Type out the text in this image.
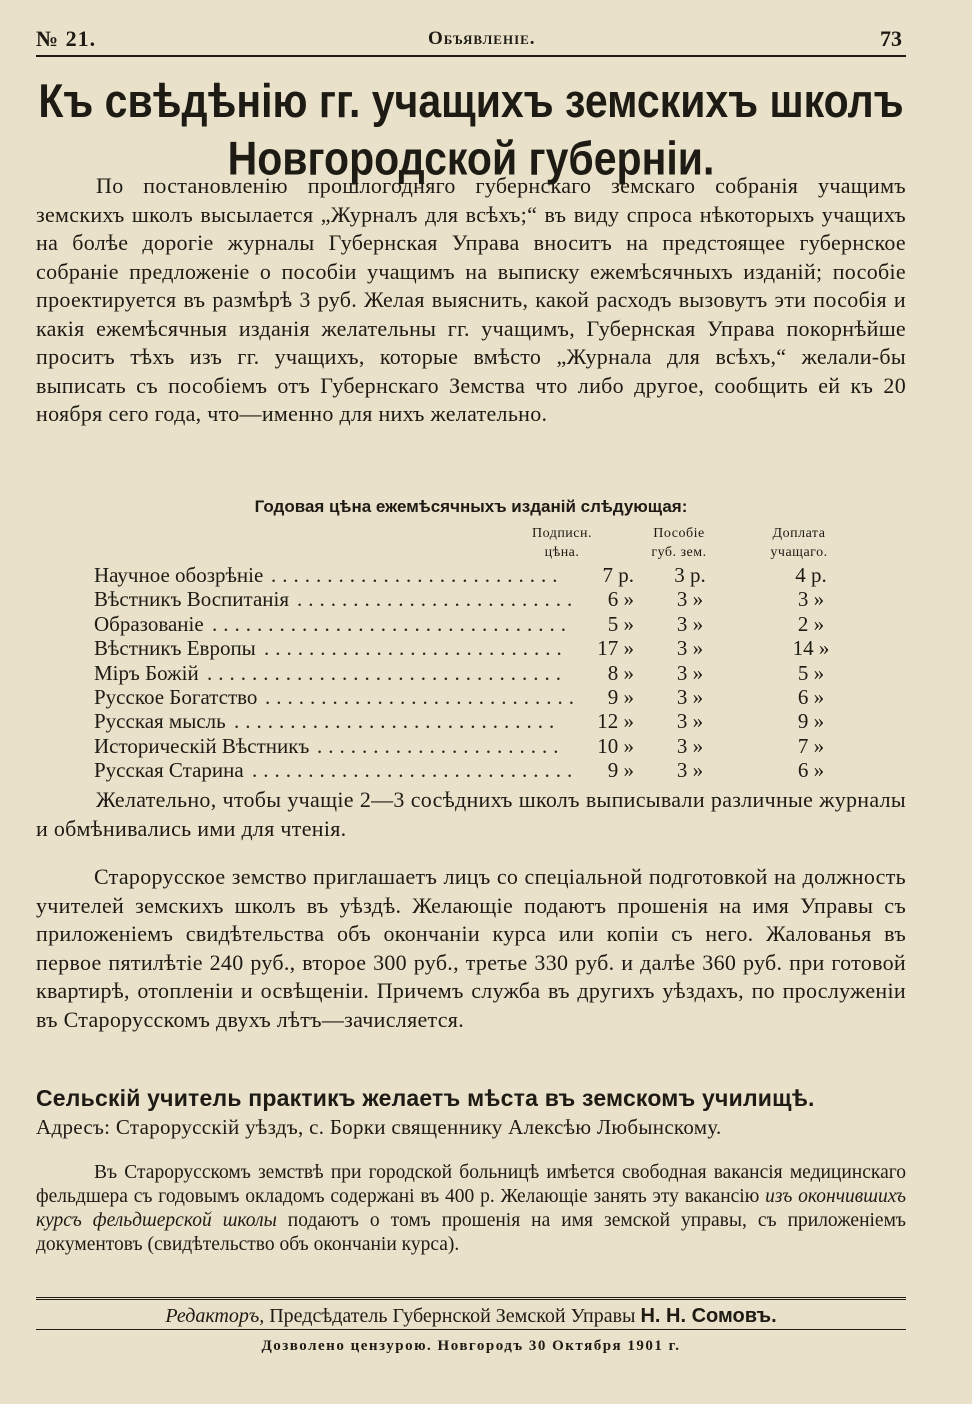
№ 21.	Объявленіе.	73
Къ свѣдѣнію гг. учащихъ земскихъ школъ Новгородской губерніи.
По постановленію прошлогодняго губернскаго земскаго собранія учащимъ земскихъ школъ высылается „Журналъ для всѣхъ;“ въ виду спроса нѣкоторыхъ учащихъ на болѣе дорогіе журналы Губернская Управа вноситъ на предстоящее губернское собраніе предложеніе о пособіи учащимъ на выписку ежемѣсячныхъ изданій; пособіе проектируется въ размѣрѣ 3 руб. Желая выяснить, какой расходъ вызовутъ эти пособія и какія ежемѣсячныя изданія желательны гг. учащимъ, Губернская Управа покорнѣйше проситъ тѣхъ изъ гг. учащихъ, которые вмѣсто „Журнала для всѣхъ,“ желали-бы выписать съ пособіемъ отъ Губернскаго Земства что либо другое, сообщить ей къ 20 ноября сего года, что—именно для нихъ желательно.
Годовая цѣна ежемѣсячныхъ изданій слѣдующая:
Подписн. цѣна.
Пособіе губ. зем.
Доплата учащаго.
Научное обозрѣніе	7 р.	3 р.	4 р.
..........................
Вѣстникъ Воспитанія	6 »	3 »	3 »
.........................
Образованіе	5 »	3 »	2 »
................................
Вѣстникъ Европы	17 »	3 »	14 »
...........................
Міръ Божій	8 »	3 »	5 »
................................
Русское Богатство	9 »	3 »	6 »
............................
Русская мысль	12 »	3 »	9 »
.............................
Историческій Вѣстникъ	10 »	3 »	7 »
......................
Русская Старина	9 »	3 »	6 »
.............................
Желательно, чтобы учащіе 2—3 сосѣднихъ школъ выписывали различные журналы и обмѣнивались ими для чтенія.
Старорусское земство приглашаетъ лицъ со спеціальной подготовкой на должность учителей земскихъ школъ въ уѣздѣ. Желающіе подаютъ прошенія на имя Управы съ приложеніемъ свидѣтельства объ окончаніи курса или копіи съ него. Жалованья въ первое пятилѣтіе 240 руб., второе 300 руб., третье 330 руб. и далѣе 360 руб. при готовой квартирѣ, отопленіи и освѣщеніи. Причемъ служба въ другихъ уѣздахъ, по прослуженіи въ Старорусскомъ двухъ лѣтъ—зачисляется.
Сельскій учитель практикъ желаетъ мѣста въ земскомъ училищѣ.
Адресъ: Старорусскій уѣздъ, с. Борки священнику Алексѣю Любынскому.
Въ Старорусскомъ земствѣ при городской больницѣ имѣется свободная вакансія медицинскаго фельдшера съ годовымъ окладомъ содержані въ 400 р. Желающіе занять эту вакансію изъ окончившихъ курсъ фельдшерской школы подаютъ о томъ прошенія на имя земской управы, съ приложеніемъ документовъ (свидѣтельство объ окончаніи курса).
Редакторъ, Предсѣдатель Губернской Земской Управы Н. Н. Сомовъ.
Дозволено цензурою. Новгородъ 30 Октября 1901 г.
